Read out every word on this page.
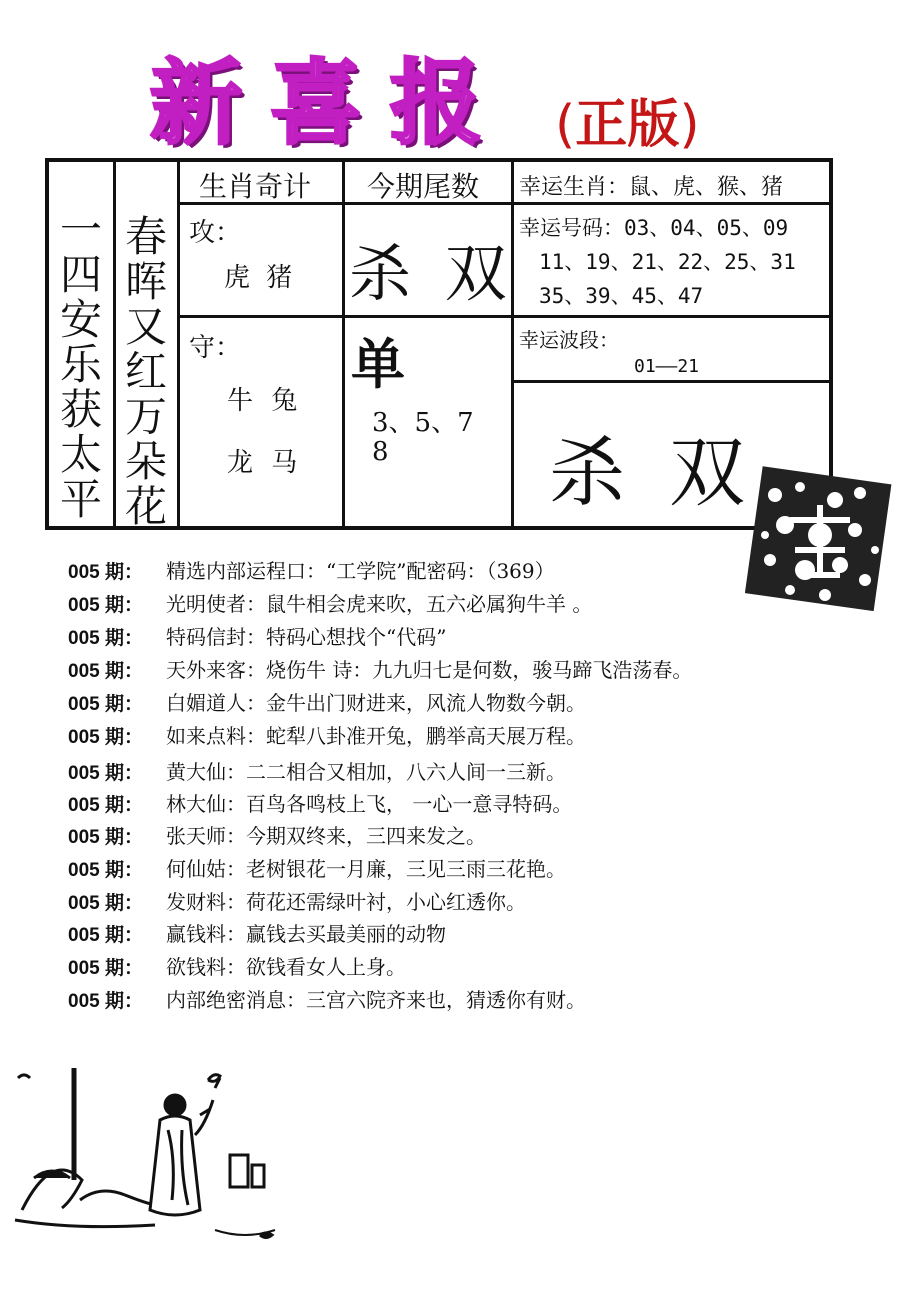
新喜报 (正版)
一四安乐获太平
春晖又红万朵花
生肖奇计 今期尾数 幸运生肖：鼠、虎、猴、猪
攻：
虎 猪 杀 双
幸运号码：03、04、05、09
11、19、21、22、25、31
35、39、45、47
守：
牛 兔
龙 马
单
3、5、7
8
幸运波段：
01——21
杀 双
005 期： 精选内部运程口：“工学院”配密码：（369）
005 期： 光明使者：鼠牛相会虎来吹，五六必属狗牛羊 。
005 期： 特码信封：特码心想找个“代码”
005 期： 天外来客：烧伤牛 诗：九九归七是何数，骏马蹄飞浩荡春。
005 期： 白媚道人：金牛出门财进来，风流人物数今朝。
005 期： 如来点料：蛇犁八卦准开兔，鹏举高天展万程。
005 期： 黄大仙：二二相合又相加，八六人间一三新。
005 期： 林大仙：百鸟各鸣枝上飞， 一心一意寻特码。
005 期： 张天师：今期双终来，三四来发之。
005 期： 何仙姑：老树银花一月廉，三见三雨三花艳。
005 期： 发财料：荷花还需绿叶衬，小心红透你。
005 期： 赢钱料：赢钱去买最美丽的动物
005 期： 欲钱料：欲钱看女人上身。
005 期： 内部绝密消息：三宫六院齐来也，猜透你有财。
